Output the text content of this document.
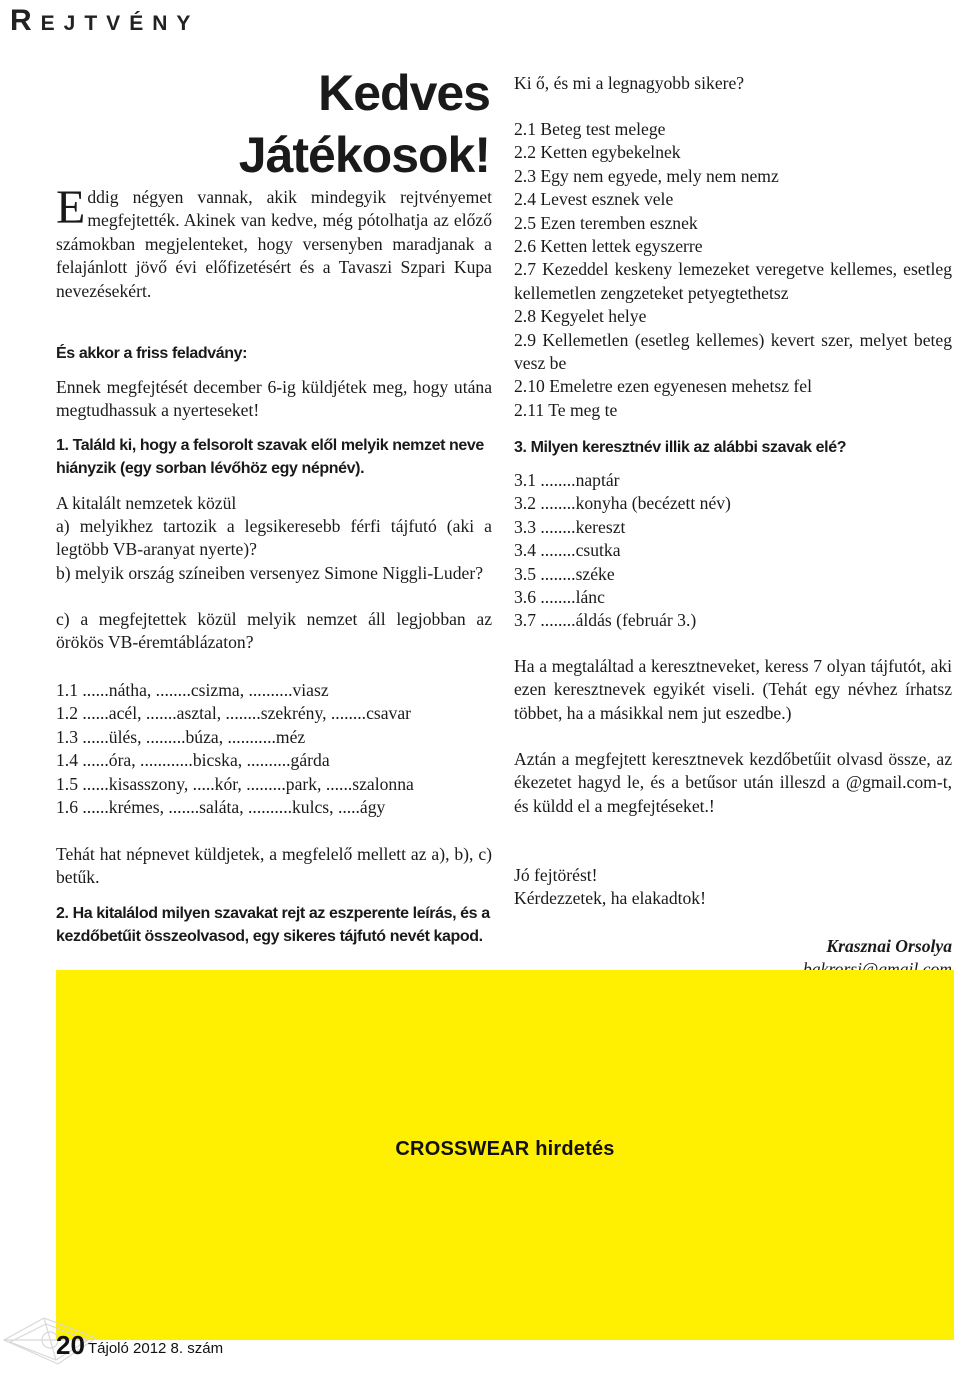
REJTVÉNY
Kedves
Játékosok!

Eddig négyen vannak, akik mindegyik rejtvényemet megfejtették. Akinek van kedve, még pótolhatja az előző számokban megjelenteket, hogy versenyben maradjanak a felajánlott jövő évi előfizetésért és a Tavaszi Szpari Kupa nevezésekért.

És akkor a friss feladvány:

Ennek megfejtését december 6-ig küldjétek meg, hogy utána megtudhassuk a nyerteseket!

1. Találd ki, hogy a felsorolt szavak elől melyik nemzet neve hiányzik (egy sorban lévőhöz egy népnév).

A kitalált nemzetek közül

a) melyikhez tartozik a legsikeresebb férfi tájfutó (aki a legtöbb VB-aranyat nyerte)?

b) melyik ország színeiben versenyez Simone Niggli-Luder?

c) a megfejtettek közül melyik nemzet áll legjobban az örökös VB-éremtáblázaton?

1.1 ......nátha, ........csizma, ..........viasz
1.2 ......acél, .......asztal, ........szekrény, ........csavar
1.3 ......ülés, .........búza, ...........méz
1.4 ......óra, ............bicska, ..........gárda
1.5 ......kisasszony, .....kór, .........park, ......szalonna
1.6 ......krémes, .......saláta, ..........kulcs, .....ágy

Tehát hat népnevet küldjetek, a megfelelő mellett az a), b), c) betűk.

2. Ha kitalálod milyen szavakat rejt az eszperente leírás, és a kezdőbetűit összeolvasod, egy sikeres tájfutó nevét kapod.

Ki ő, és mi a legnagyobb sikere?

2.1 Beteg test melege
2.2 Ketten egybekelnek
2.3 Egy nem egyede, mely nem nemz
2.4 Levest esznek vele
2.5 Ezen teremben esznek
2.6 Ketten lettek egyszerre
2.7 Kezeddel keskeny lemezeket veregetve kellemes, esetleg kellemetlen zengzeteket petyegtethetsz
2.8 Kegyelet helye
2.9 Kellemetlen (esetleg kellemes) kevert szer, melyet beteg vesz be
2.10 Emeletre ezen egyenesen mehetsz fel
2.11 Te meg te

3. Milyen keresztnév illik az alábbi szavak elé?

3.1 ........naptár
3.2 ........konyha (becézett név)
3.3 ........kereszt
3.4 ........csutka
3.5 ........széke
3.6 ........lánc
3.7 ........áldás (február 3.)

Ha a megtaláltad a keresztneveket, keress 7 olyan tájfutót, aki ezen keresztnevek egyikét viseli. (Tehát egy névhez írhatsz többet, ha a másikkal nem jut eszedbe.)

Aztán a megfejtett keresztnevek kezdőbetűit olvasd össze, az ékezetet hagyd le, és a betűsor után illeszd a @gmail.com-t, és küldd el a megfejtéseket.!

Jó fejtörést!

Kérdezzetek, ha elakadtok!

Krasznai Orsolya
CROSSWEAR hirdetés
20 Tájoló 2012 8. szám
